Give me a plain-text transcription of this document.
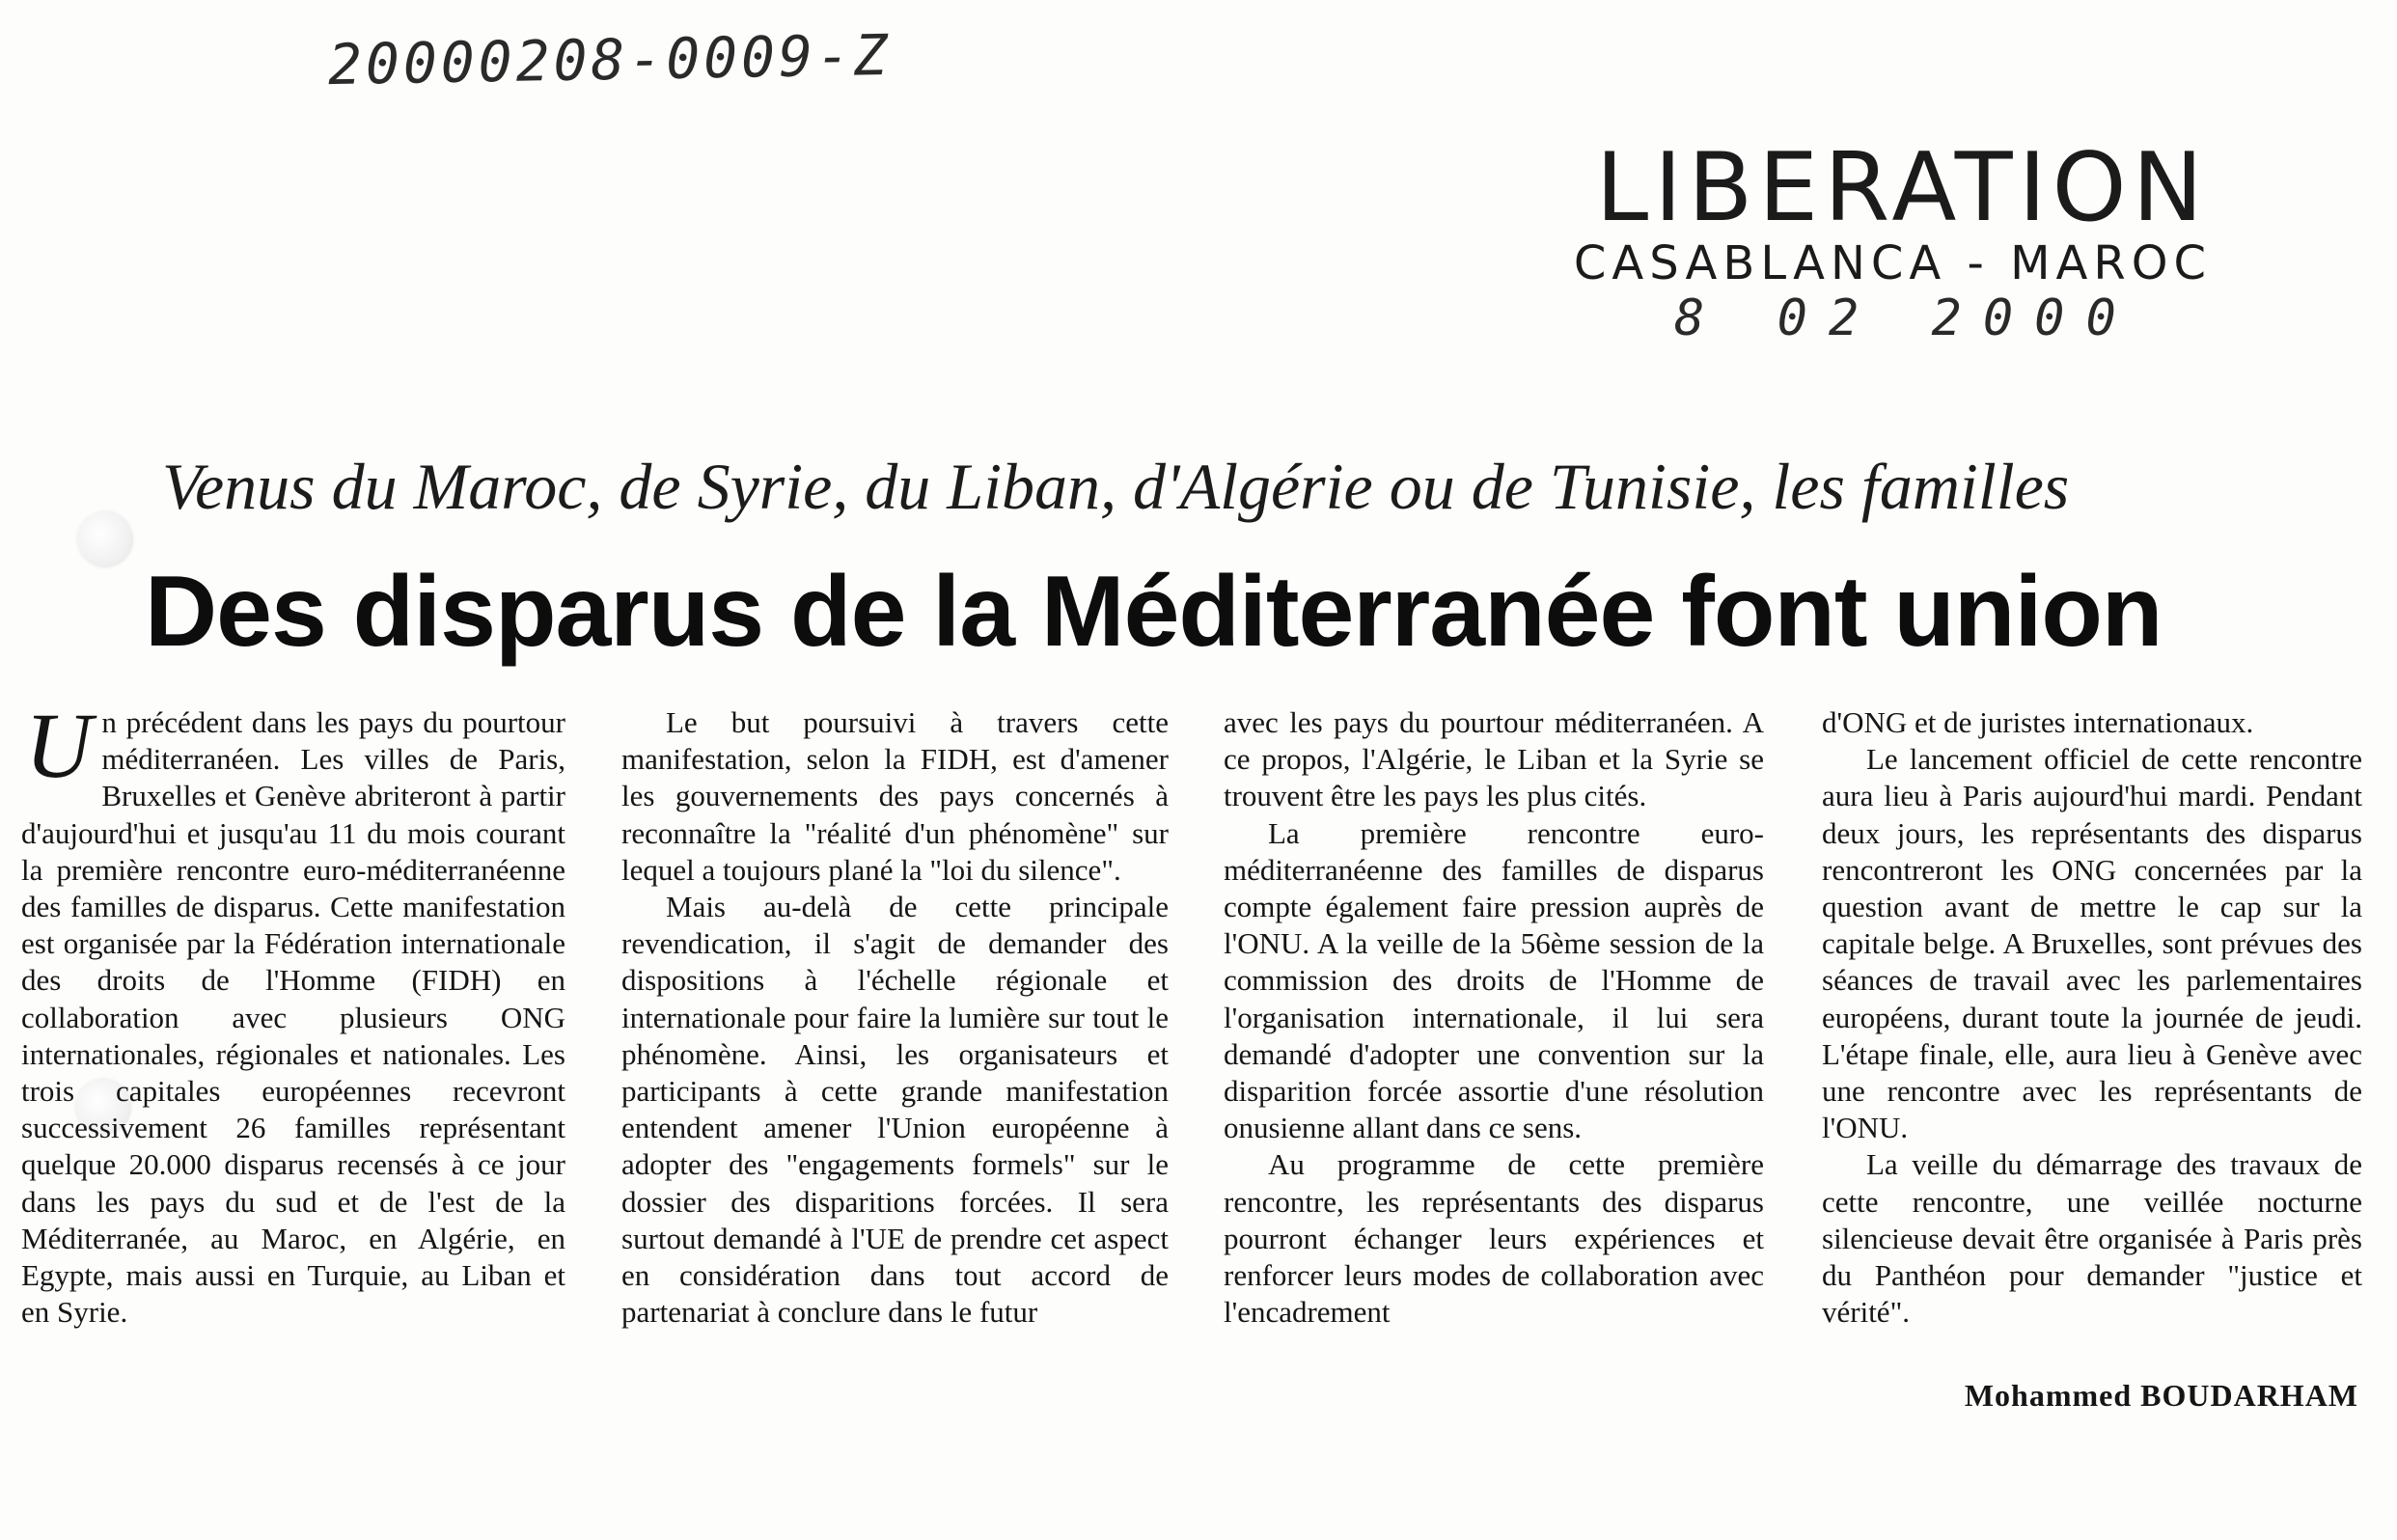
20000208-0009-Z
LIBERATION
CASABLANCA - MAROC
8 02 2000
Venus du Maroc, de Syrie, du Liban, d'Algérie ou de Tunisie, les familles
Des disparus de la Méditerranée font union

Un précédent dans les pays du pourtour méditerranéen. Les villes de Paris, Bruxelles et Genève abriteront à partir d'aujourd'hui et jusqu'au 11 du mois courant la première rencontre euro-méditerranéenne des familles de disparus. Cette manifestation est organisée par la Fédération internationale des droits de l'Homme (FIDH) en collaboration avec plusieurs ONG internationales, régionales et nationales. Les trois capitales européennes recevront successivement 26 familles représentant quelque 20.000 disparus recensés à ce jour dans les pays du sud et de l'est de la Méditerranée, au Maroc, en Algérie, en Egypte, mais aussi en Turquie, au Liban et en Syrie.

Le but poursuivi à travers cette manifestation, selon la FIDH, est d'amener les gouvernements des pays concernés à reconnaître la "réalité d'un phénomène" sur lequel a toujours plané la "loi du silence".

Mais au-delà de cette principale revendication, il s'agit de demander des dispositions à l'échelle régionale et internationale pour faire la lumière sur tout le phénomène. Ainsi, les organisateurs et participants à cette grande manifestation entendent amener l'Union européenne à adopter des "engagements formels" sur le dossier des disparitions forcées. Il sera surtout demandé à l'UE de prendre cet aspect en considération dans tout accord de partenariat à conclure dans le futur

avec les pays du pourtour méditerranéen. A ce propos, l'Algérie, le Liban et la Syrie se trouvent être les pays les plus cités.

La première rencontre euro-méditerranéenne des familles de disparus compte également faire pression auprès de l'ONU. A la veille de la 56ème session de la commission des droits de l'Homme de l'organisation internationale, il lui sera demandé d'adopter une convention sur la disparition forcée assortie d'une résolution onusienne allant dans ce sens.

Au programme de cette première rencontre, les représentants des disparus pourront échanger leurs expériences et renforcer leurs modes de collaboration avec l'encadrement

d'ONG et de juristes internationaux.

Le lancement officiel de cette rencontre aura lieu à Paris aujourd'hui mardi. Pendant deux jours, les représentants des disparus rencontreront les ONG concernées par la question avant de mettre le cap sur la capitale belge. A Bruxelles, sont prévues des séances de travail avec les parlementaires européens, durant toute la journée de jeudi. L'étape finale, elle, aura lieu à Genève avec une rencontre avec les représentants de l'ONU.

La veille du démarrage des travaux de cette rencontre, une veillée nocturne silencieuse devait être organisée à Paris près du Panthéon pour demander "justice et vérité".

Mohammed BOUDARHAM
